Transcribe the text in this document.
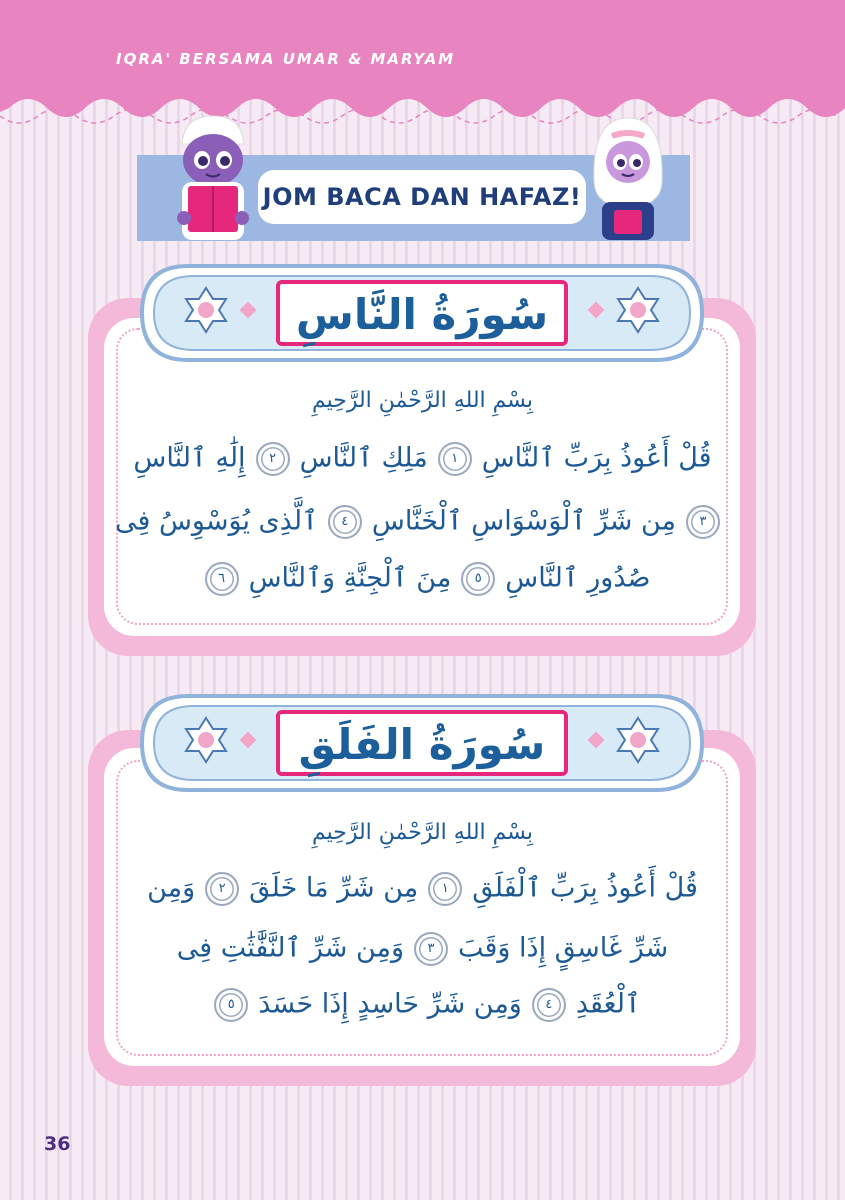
IQRA' BERSAMA UMAR & MARYAM
JOM BACA DAN HAFAZ!
سُورَةُ النَّاسِ
بِسْمِ اللهِ الرَّحْمٰنِ الرَّحِيمِ
قُلْ أَعُوذُ بِرَبِّ ٱلنَّاسِ١مَلِكِ ٱلنَّاسِ٢إِلَٰهِ ٱلنَّاسِ
٣مِن شَرِّ ٱلْوَسْوَاسِ ٱلْخَنَّاسِ٤ٱلَّذِى يُوَسْوِسُ فِى
صُدُورِ ٱلنَّاسِ٥مِنَ ٱلْجِنَّةِ وَٱلنَّاسِ٦
سُورَةُ الفَلَقِ
بِسْمِ اللهِ الرَّحْمٰنِ الرَّحِيمِ
قُلْ أَعُوذُ بِرَبِّ ٱلْفَلَقِ١مِن شَرِّ مَا خَلَقَ٢وَمِن
شَرِّ غَاسِقٍ إِذَا وَقَبَ٣وَمِن شَرِّ ٱلنَّفَّٰثَٰتِ فِى
ٱلْعُقَدِ٤وَمِن شَرِّ حَاسِدٍ إِذَا حَسَدَ٥
36
